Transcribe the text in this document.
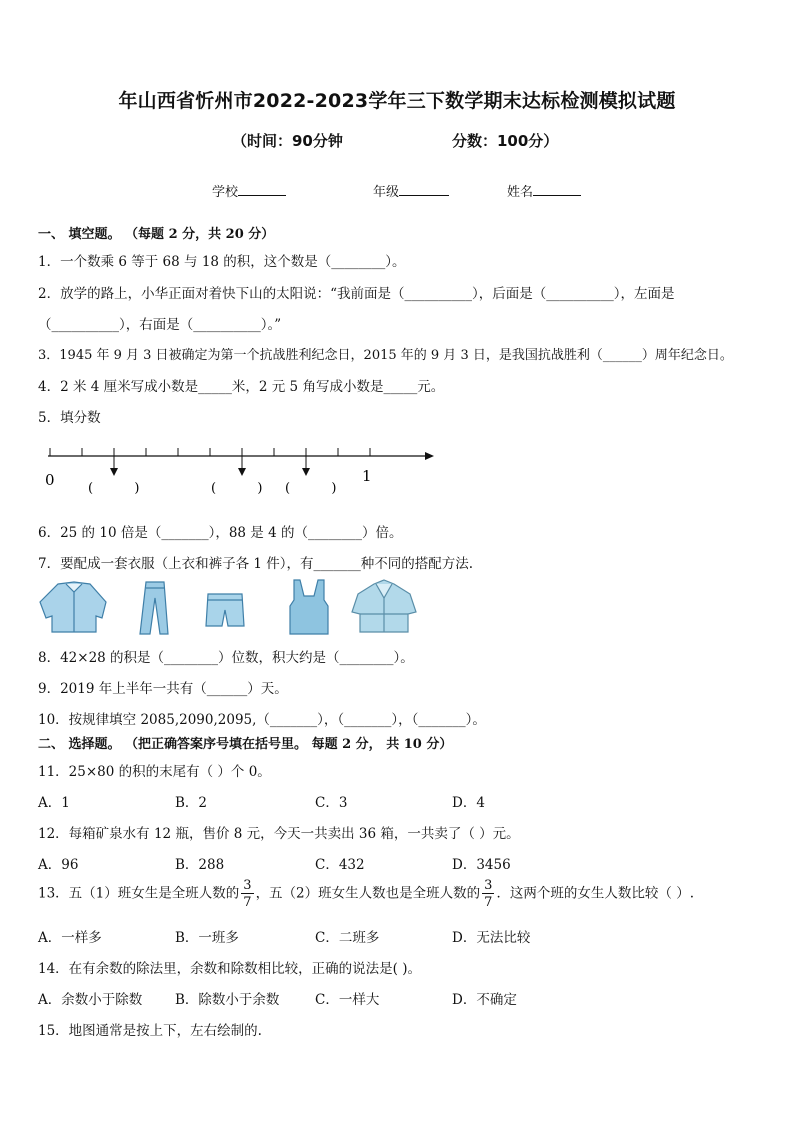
年山西省忻州市2022-2023学年三下数学期末达标检测模拟试题
（时间：90分钟	分数：100分）
学校	年级	姓名
一、 填空题。 （每题 2 分，共 20 分）
1．一个数乘 6 等于 68 与 18 的积，这个数是（________）。
2．放学的路上，小华正面对着快下山的太阳说：“我前面是（__________），后面是（__________），左面是
（__________），右面是（__________）。”
3．1945 年 9 月 3 日被确定为第一个抗战胜利纪念日，2015 年的 9 月 3 日，是我国抗战胜利（______）周年纪念日。
4．2 米 4 厘米写成小数是_____米，2 元 5 角写成小数是_____元。
5．填分数
0	1
(          )	(          ) (          )
6．25 的 10 倍是（_______），88 是 4 的（________）倍。
7．要配成一套衣服（上衣和裤子各 1 件），有_______种不同的搭配方法.
8．42×28 的积是（________）位数，积大约是（________）。
9．2019 年上半年一共有（______）天。
10．按规律填空 2085,2090,2095,（_______），（_______），（_______）。
二、 选择题。 （把正确答案序号填在括号里。 每题 2 分， 共 10 分）
11．25×80 的积的末尾有（ ）个 0。
A．1	B．2	C．3	D．4
12．每箱矿泉水有 12 瓶，售价 8 元，今天一共卖出 36 箱，一共卖了（ ）元。
A．96	B．288	C．432	D．3456
13．五（1）班女生是全班人数的 $\frac{3}{7}$ ，五（2）班女生人数也是全班人数的 $\frac{3}{7}$ ．这两个班的女生人数比较（ ）.
A．一样多	B．一班多	C．二班多	D．无法比较
14．在有余数的除法里，余数和除数相比较，正确的说法是( )。
A．余数小于除数 B．除数小于余数	C．一样大	D．不确定
15．地图通常是按上下，左右绘制的.
